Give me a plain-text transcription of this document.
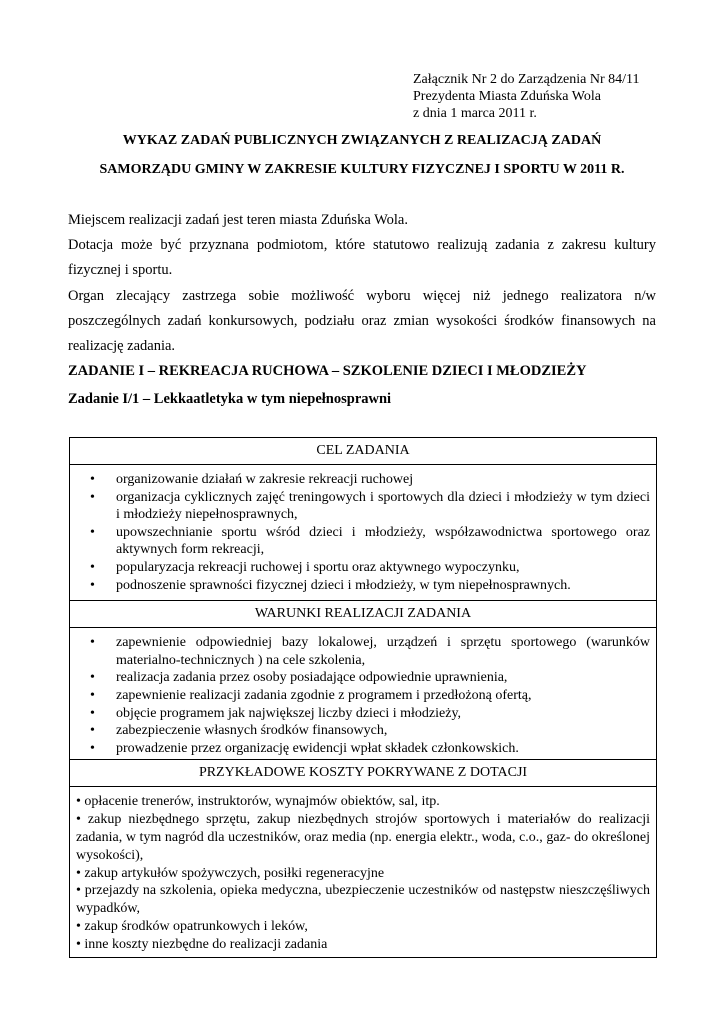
Załącznik Nr 2 do Zarządzenia Nr 84/11
Prezydenta Miasta Zduńska Wola
z dnia 1 marca 2011 r.
WYKAZ ZADAŃ PUBLICZNYCH ZWIĄZANYCH Z REALIZACJĄ ZADAŃ
SAMORZĄDU GMINY W ZAKRESIE KULTURY FIZYCZNEJ I SPORTU W 2011 R.

Miejscem realizacji zadań jest teren miasta Zduńska Wola.

Dotacja może być przyznana podmiotom, które statutowo realizują zadania z zakresu kultury fizycznej i sportu.

Organ zlecający zastrzega sobie możliwość wyboru więcej niż jednego realizatora n/w poszczególnych zadań konkursowych, podziału oraz zmian wysokości środków finansowych na realizację zadania.

ZADANIE I – REKREACJA RUCHOWA – SZKOLENIE DZIECI I MŁODZIEŻY

Zadanie I/1 – Lekkaatletyka w tym niepełnosprawni

CEL ZADANIA

• organizowanie działań w zakresie rekreacji ruchowej
• organizacja cyklicznych zajęć treningowych i sportowych dla dzieci i młodzieży w tym dzieci i młodzieży niepełnosprawnych,
• upowszechnianie sportu wśród dzieci i młodzieży, współzawodnictwa sportowego oraz aktywnych form rekreacji,
• popularyzacja rekreacji ruchowej i sportu oraz aktywnego wypoczynku,
• podnoszenie sprawności fizycznej dzieci i młodzieży, w tym niepełnosprawnych.

WARUNKI REALIZACJI ZADANIA

• zapewnienie odpowiedniej bazy lokalowej, urządzeń i sprzętu sportowego (warunków materialno-technicznych ) na cele szkolenia,
• realizacja zadania przez osoby posiadające odpowiednie uprawnienia,
• zapewnienie realizacji zadania zgodnie z programem i przedłożoną ofertą,
• objęcie programem jak największej liczby dzieci i młodzieży,
• zabezpieczenie własnych środków finansowych,
• prowadzenie przez organizację ewidencji wpłat składek członkowskich.

PRZYKŁADOWE KOSZTY POKRYWANE Z DOTACJI

• opłacenie trenerów, instruktorów, wynajmów obiektów, sal, itp.
• zakup niezbędnego sprzętu, zakup niezbędnych strojów sportowych i materiałów do realizacji zadania, w tym nagród dla uczestników, oraz media (np. energia elektr., woda, c.o., gaz- do określonej wysokości),
• zakup artykułów spożywczych, posiłki regeneracyjne
• przejazdy na szkolenia, opieka medyczna, ubezpieczenie uczestników od następstw nieszczęśliwych wypadków,
• zakup środków opatrunkowych i leków,
• inne koszty niezbędne do realizacji zadania
